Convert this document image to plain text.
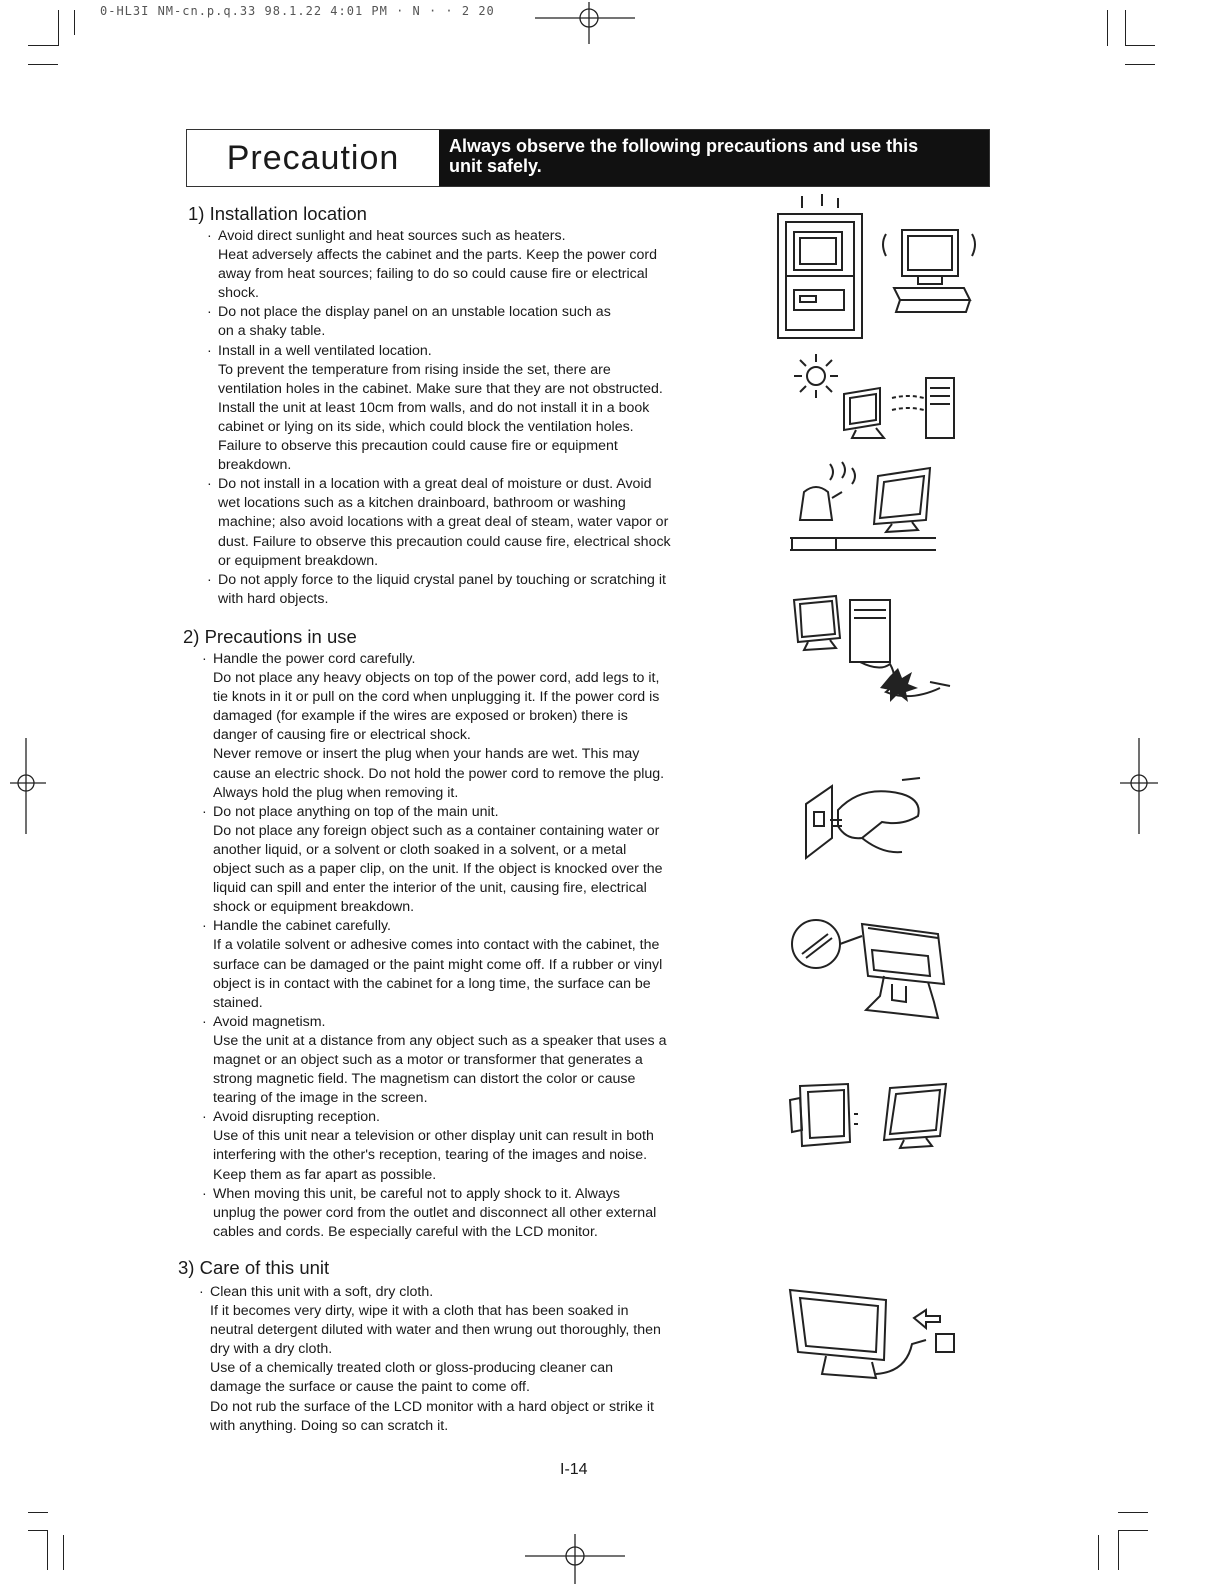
0-HL3I NM-cn.p.q.33 98.1.22 4:01 PM · N · · 2 20
Precaution	Always observe the following precautions and use this
unit safely.
1) Installation location
· Avoid direct sunlight and heat sources such as heaters.
Heat adversely affects the cabinet and the parts. Keep the power cord
away from heat sources; failing to do so could cause fire or electrical
shock.
· Do not place the display panel on an unstable location such as
on a shaky table.
· Install in a well ventilated location.
To prevent the temperature from rising inside the set, there are
ventilation holes in the cabinet. Make sure that they are not obstructed.
Install the unit at least 10cm from walls, and do not install it in a book
cabinet or lying on its side, which could block the ventilation holes.
Failure to observe this precaution could cause fire or equipment
breakdown.
· Do not install in a location with a great deal of moisture or dust. Avoid
wet locations such as a kitchen drainboard, bathroom or washing
machine; also avoid locations with a great deal of steam, water vapor or
dust. Failure to observe this precaution could cause fire, electrical shock
or equipment breakdown.
· Do not apply force to the liquid crystal panel by touching or scratching it
with hard objects.
2) Precautions in use
· Handle the power cord carefully.
Do not place any heavy objects on top of the power cord, add legs to it,
tie knots in it or pull on the cord when unplugging it. If the power cord is
damaged (for example if the wires are exposed or broken) there is
danger of causing fire or electrical shock.
Never remove or insert the plug when your hands are wet. This may
cause an electric shock. Do not hold the power cord to remove the plug.
Always hold the plug when removing it.
· Do not place anything on top of the main unit.
Do not place any foreign object such as a container containing water or
another liquid, or a solvent or cloth soaked in a solvent, or a metal
object such as a paper clip, on the unit. If the object is knocked over the
liquid can spill and enter the interior of the unit, causing fire, electrical
shock or equipment breakdown.
· Handle the cabinet carefully.
If a volatile solvent or adhesive comes into contact with the cabinet, the
surface can be damaged or the paint might come off. If a rubber or vinyl
object is in contact with the cabinet for a long time, the surface can be
stained.
· Avoid magnetism.
Use the unit at a distance from any object such as a speaker that uses a
magnet or an object such as a motor or transformer that generates a
strong magnetic field. The magnetism can distort the color or cause
tearing of the image in the screen.
· Avoid disrupting reception.
Use of this unit near a television or other display unit can result in both
interfering with the other's reception, tearing of the images and noise.
Keep them as far apart as possible.
· When moving this unit, be careful not to apply shock to it. Always
unplug the power cord from the outlet and disconnect all other external
cables and cords. Be especially careful with the LCD monitor.
3) Care of this unit
· Clean this unit with a soft, dry cloth.
If it becomes very dirty, wipe it with a cloth that has been soaked in
neutral detergent diluted with water and then wrung out thoroughly, then
dry with a dry cloth.
Use of a chemically treated cloth or gloss-producing cleaner can
damage the surface or cause the paint to come off.
Do not rub the surface of the LCD monitor with a hard object or strike it
with anything. Doing so can scratch it.
I-14
